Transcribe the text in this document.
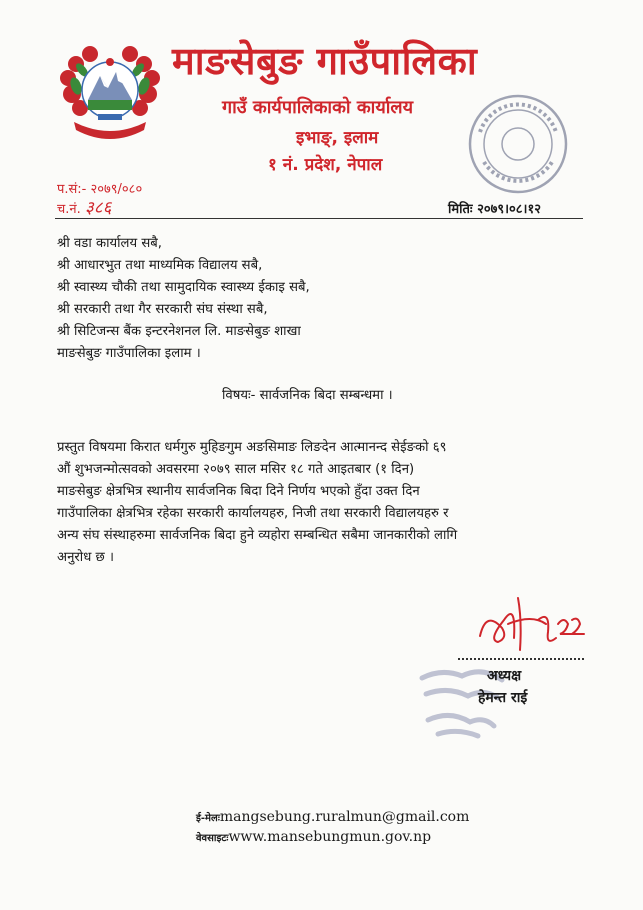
माङसेबुङ गाउँपालिका
गाउँ कार्यपालिकाको कार्यालय
इभाङ्, इलाम
१ नं. प्रदेश, नेपाल
प.सं:- २०७९/०८०
च.नं. ३८६	मितिः २०७९।०८।१२
श्री वडा कार्यालय सबै,
श्री आधारभुत तथा माध्यमिक विद्यालय सबै,
श्री स्वास्थ्य चौकी तथा सामुदायिक स्वास्थ्य ईकाइ सबै,
श्री सरकारी तथा गैर सरकारी संघ संस्था सबै,
श्री सिटिजन्स बैंक इन्टरनेशनल लि. माङसेबुङ शाखा
माङसेबुङ गाउँपालिका इलाम ।
विषयः- सार्वजनिक बिदा सम्बन्धमा ।

प्रस्तुत विषयमा किरात धर्मगुरु मुहिङगुम अङसिमाङ लिङदेन आत्मानन्द सेईङको ६९
औं शुभजन्मोत्सवको अवसरमा २०७९ साल मसिर १८ गते आइतबार (१ दिन)
माङसेबुङ क्षेत्रभित्र स्थानीय सार्वजनिक बिदा दिने निर्णय भएको हुँदा उक्त दिन
गाउँपालिका क्षेत्रभित्र रहेका सरकारी कार्यालयहरु, निजी तथा सरकारी विद्यालयहरु र
अन्य संघ संस्थाहरुमा सार्वजनिक बिदा हुने व्यहोरा सम्बन्धित सबैमा जानकारीको लागि
अनुरोध छ ।

अध्यक्ष
हेमन्त राई
ई-मेलःmangsebung.ruralmun@gmail.com
वेवसाइटःwww.mansebungmun.gov.np
